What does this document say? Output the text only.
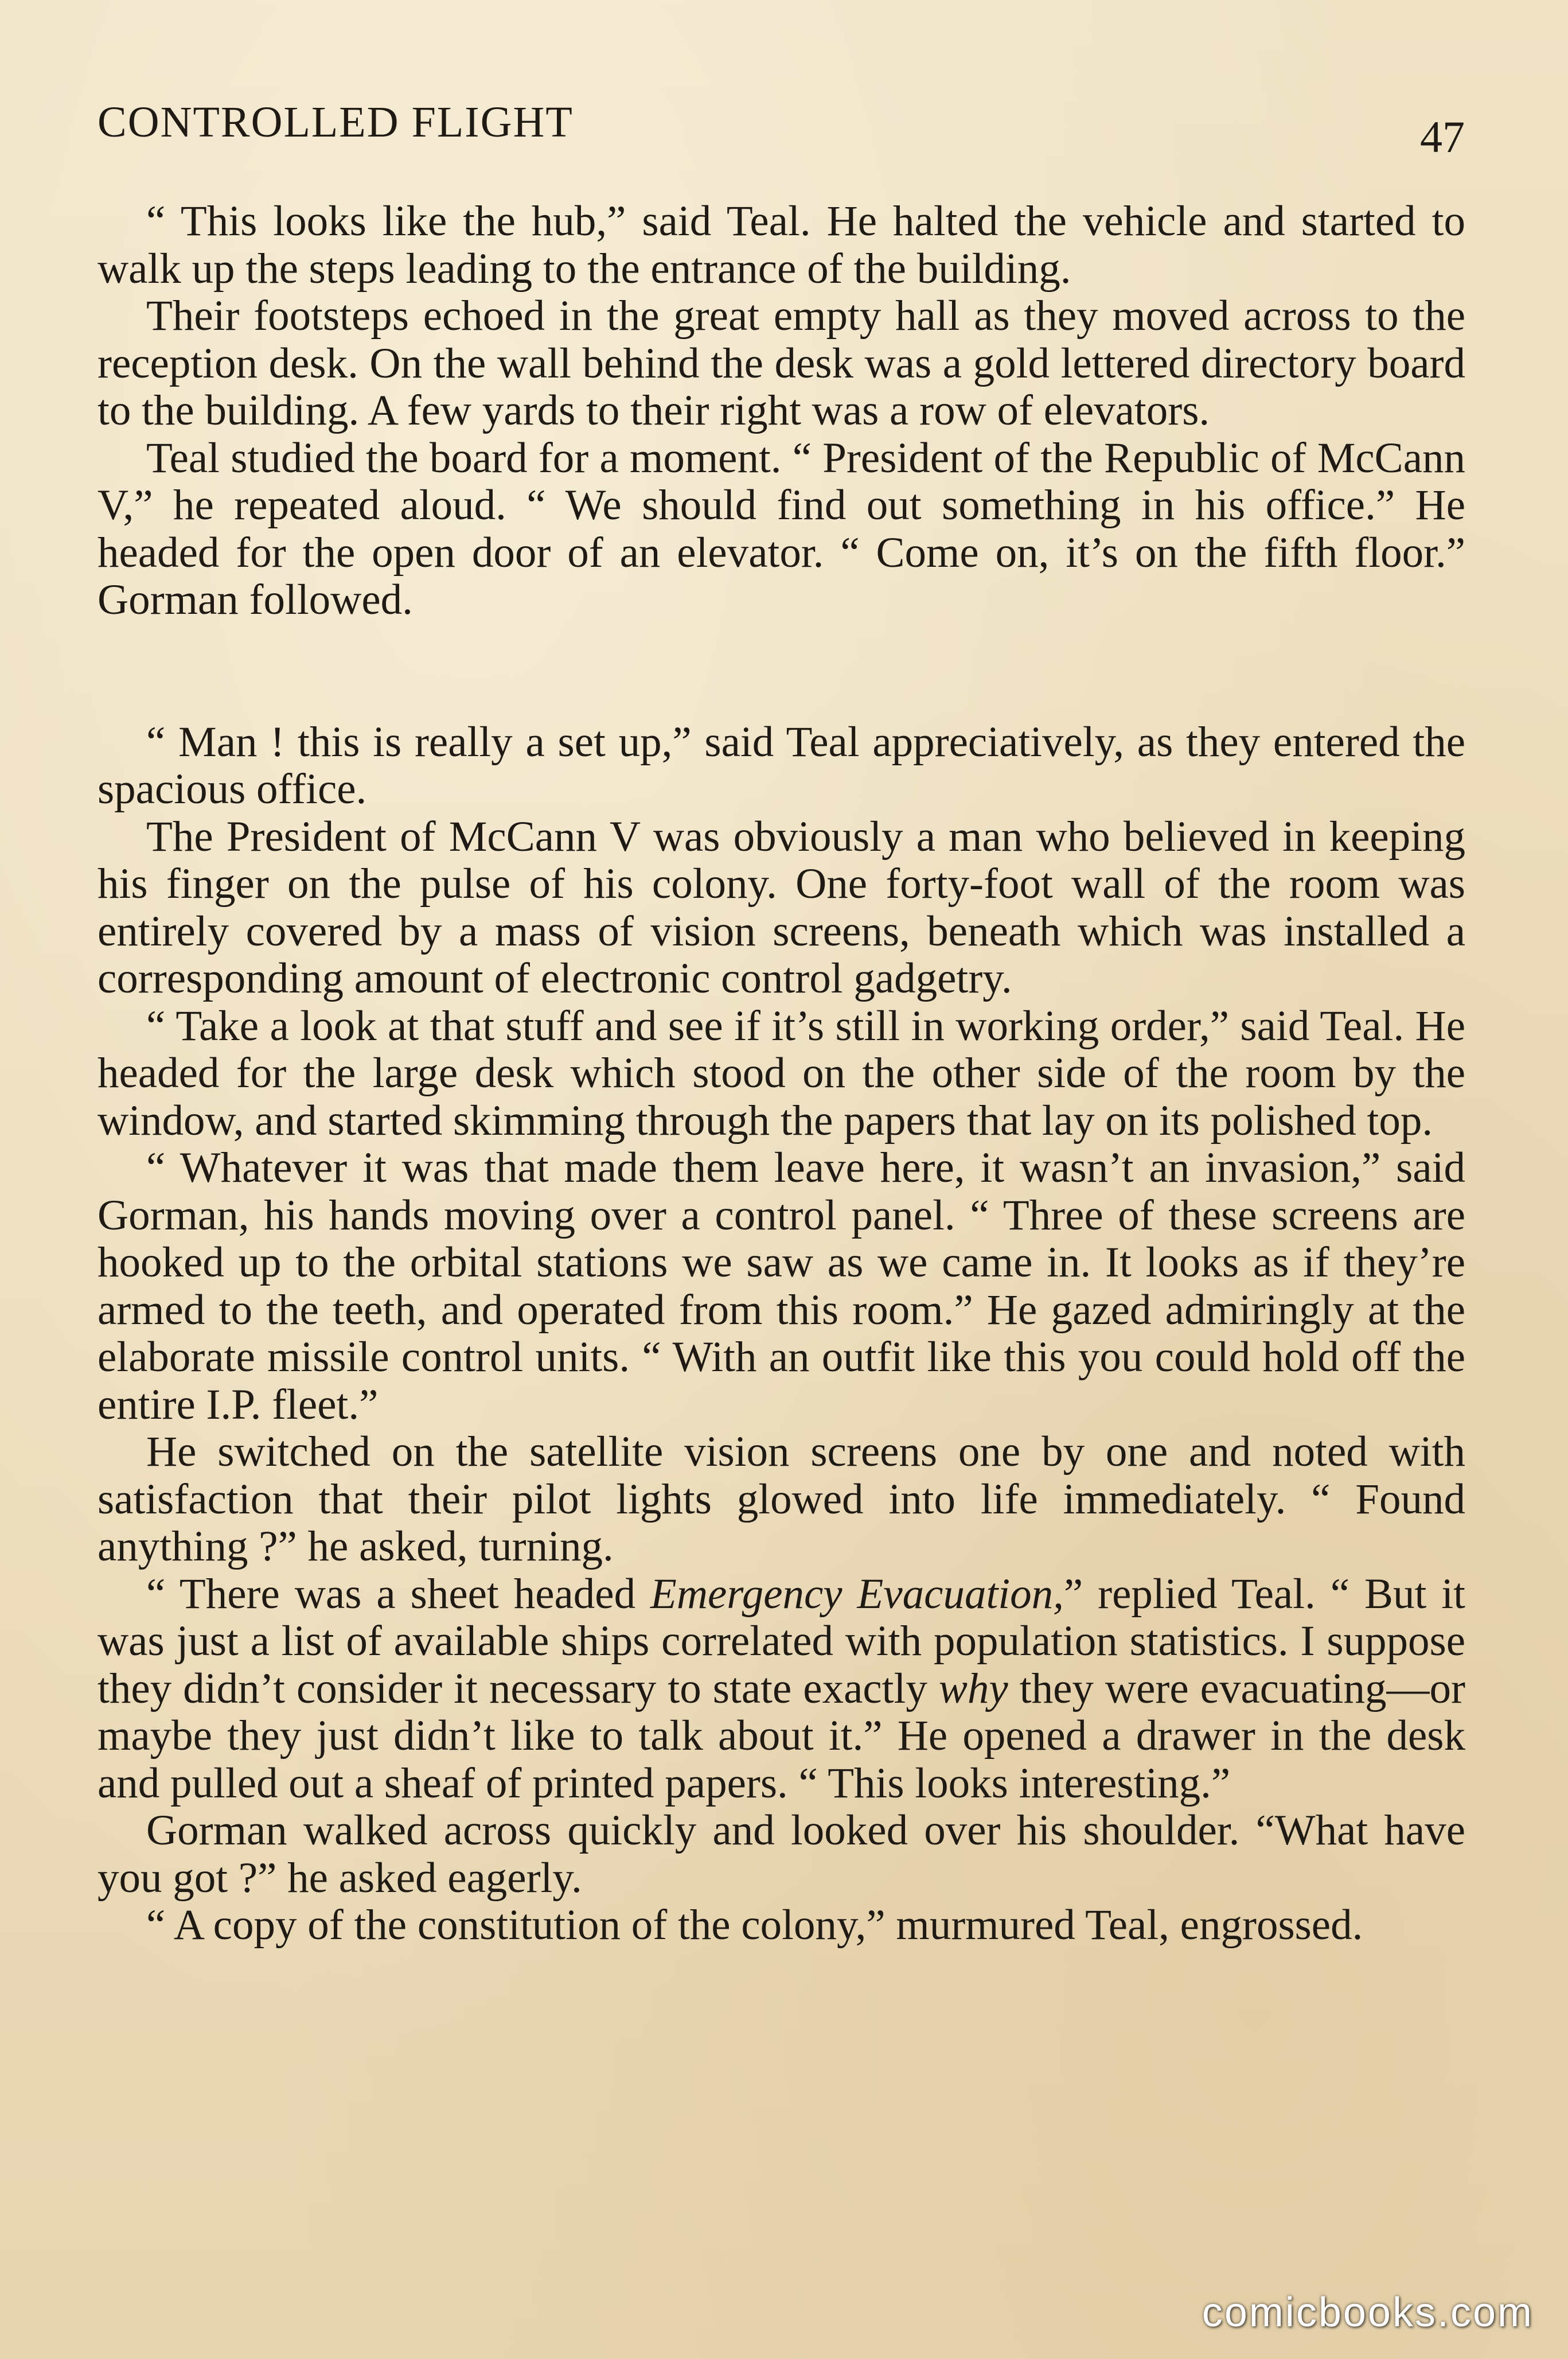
CONTROLLED FLIGHT	47

“ This looks like the hub,” said Teal. He halted the vehicle and started to walk up the steps leading to the entrance of the building.

Their footsteps echoed in the great empty hall as they moved across to the reception desk. On the wall behind the desk was a gold lettered directory board to the building. A few yards to their right was a row of elevators.

Teal studied the board for a moment. “ President of the Republic of McCann V,” he repeated aloud. “ We should find out something in his office.” He headed for the open door of an elevator. “ Come on, it’s on the fifth floor.” Gorman followed.

“ Man ! this is really a set up,” said Teal appreciatively, as they entered the spacious office.

The President of McCann V was obviously a man who believed in keeping his finger on the pulse of his colony. One forty-foot wall of the room was entirely covered by a mass of vision screens, beneath which was installed a corresponding amount of electronic control gadgetry.

“ Take a look at that stuff and see if it’s still in working order,” said Teal. He headed for the large desk which stood on the other side of the room by the window, and started skimming through the papers that lay on its polished top.

“ Whatever it was that made them leave here, it wasn’t an invasion,” said Gorman, his hands moving over a control panel. “ Three of these screens are hooked up to the orbital stations we saw as we came in. It looks as if they’re armed to the teeth, and operated from this room.” He gazed admiringly at the elaborate missile control units. “ With an outfit like this you could hold off the entire I.P. fleet.”

He switched on the satellite vision screens one by one and noted with satisfaction that their pilot lights glowed into life immediately. “ Found anything ?” he asked, turning.

“ There was a sheet headed Emergency Evacuation,” replied Teal. “ But it was just a list of available ships correlated with population statistics. I suppose they didn’t consider it necessary to state exactly why they were evacuating—or maybe they just didn’t like to talk about it.” He opened a drawer in the desk and pulled out a sheaf of printed papers. “ This looks interesting.”

Gorman walked across quickly and looked over his shoulder. “What have you got ?” he asked eagerly.

“ A copy of the constitution of the colony,” murmured Teal, engrossed.

comicbooks.com
